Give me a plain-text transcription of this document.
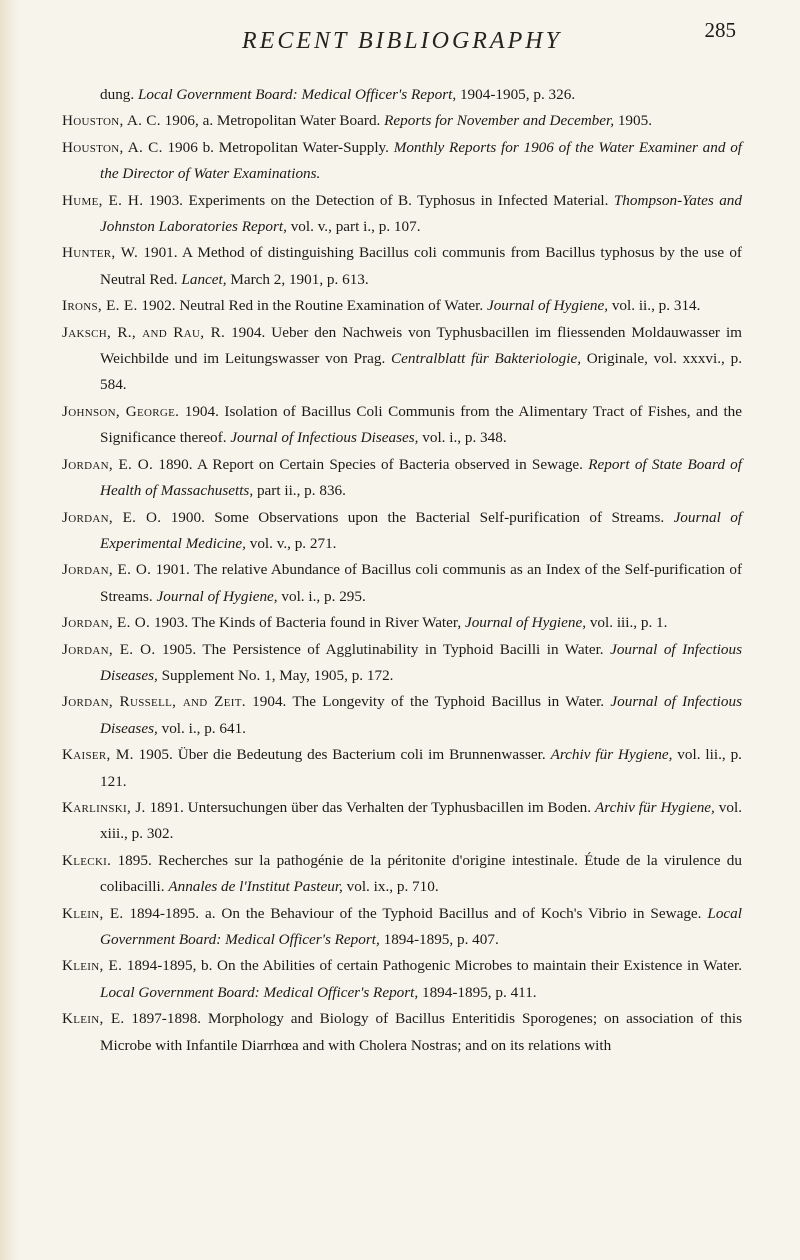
RECENT BIBLIOGRAPHY	285

dung. Local Government Board: Medical Officer's Report, 1904-1905, p. 326.

Houston, A. C. 1906, a. Metropolitan Water Board. Reports for November and December, 1905.

Houston, A. C. 1906 b. Metropolitan Water-Supply. Monthly Reports for 1906 of the Water Examiner and of the Director of Water Examinations.

Hume, E. H. 1903. Experiments on the Detection of B. Typhosus in Infected Material. Thompson-Yates and Johnston Laboratories Report, vol. v., part i., p. 107.

Hunter, W. 1901. A Method of distinguishing Bacillus coli communis from Bacillus typhosus by the use of Neutral Red. Lancet, March 2, 1901, p. 613.

Irons, E. E. 1902. Neutral Red in the Routine Examination of Water. Journal of Hygiene, vol. ii., p. 314.

Jaksch, R., and Rau, R. 1904. Ueber den Nachweis von Typhusbacillen im fliessenden Moldauwasser im Weichbilde und im Leitungswasser von Prag. Centralblatt für Bakteriologie, Originale, vol. xxxvi., p. 584.

Johnson, George. 1904. Isolation of Bacillus Coli Communis from the Alimentary Tract of Fishes, and the Significance thereof. Journal of Infectious Diseases, vol. i., p. 348.

Jordan, E. O. 1890. A Report on Certain Species of Bacteria observed in Sewage. Report of State Board of Health of Massachusetts, part ii., p. 836.

Jordan, E. O. 1900. Some Observations upon the Bacterial Self-purification of Streams. Journal of Experimental Medicine, vol. v., p. 271.

Jordan, E. O. 1901. The relative Abundance of Bacillus coli communis as an Index of the Self-purification of Streams. Journal of Hygiene, vol. i., p. 295.

Jordan, E. O. 1903. The Kinds of Bacteria found in River Water, Journal of Hygiene, vol. iii., p. 1.

Jordan, E. O. 1905. The Persistence of Agglutinability in Typhoid Bacilli in Water. Journal of Infectious Diseases, Supplement No. 1, May, 1905, p. 172.

Jordan, Russell, and Zeit. 1904. The Longevity of the Typhoid Bacillus in Water. Journal of Infectious Diseases, vol. i., p. 641.

Kaiser, M. 1905. Über die Bedeutung des Bacterium coli im Brunnenwasser. Archiv für Hygiene, vol. lii., p. 121.

Karlinski, J. 1891. Untersuchungen über das Verhalten der Typhusbacillen im Boden. Archiv für Hygiene, vol. xiii., p. 302.

Kleckı. 1895. Recherches sur la pathogénie de la péritonite d'origine intestinale. Étude de la virulence du colibacilli. Annales de l'Institut Pasteur, vol. ix., p. 710.

Klein, E. 1894-1895. a. On the Behaviour of the Typhoid Bacillus and of Koch's Vibrio in Sewage. Local Government Board: Medical Officer's Report, 1894-1895, p. 407.

Klein, E. 1894-1895, b. On the Abilities of certain Pathogenic Microbes to maintain their Existence in Water. Local Government Board: Medical Officer's Report, 1894-1895, p. 411.

Klein, E. 1897-1898. Morphology and Biology of Bacillus Enteritidis Sporogenes; on association of this Microbe with Infantile Diarrhœa and with Cholera Nostras; and on its relations with
